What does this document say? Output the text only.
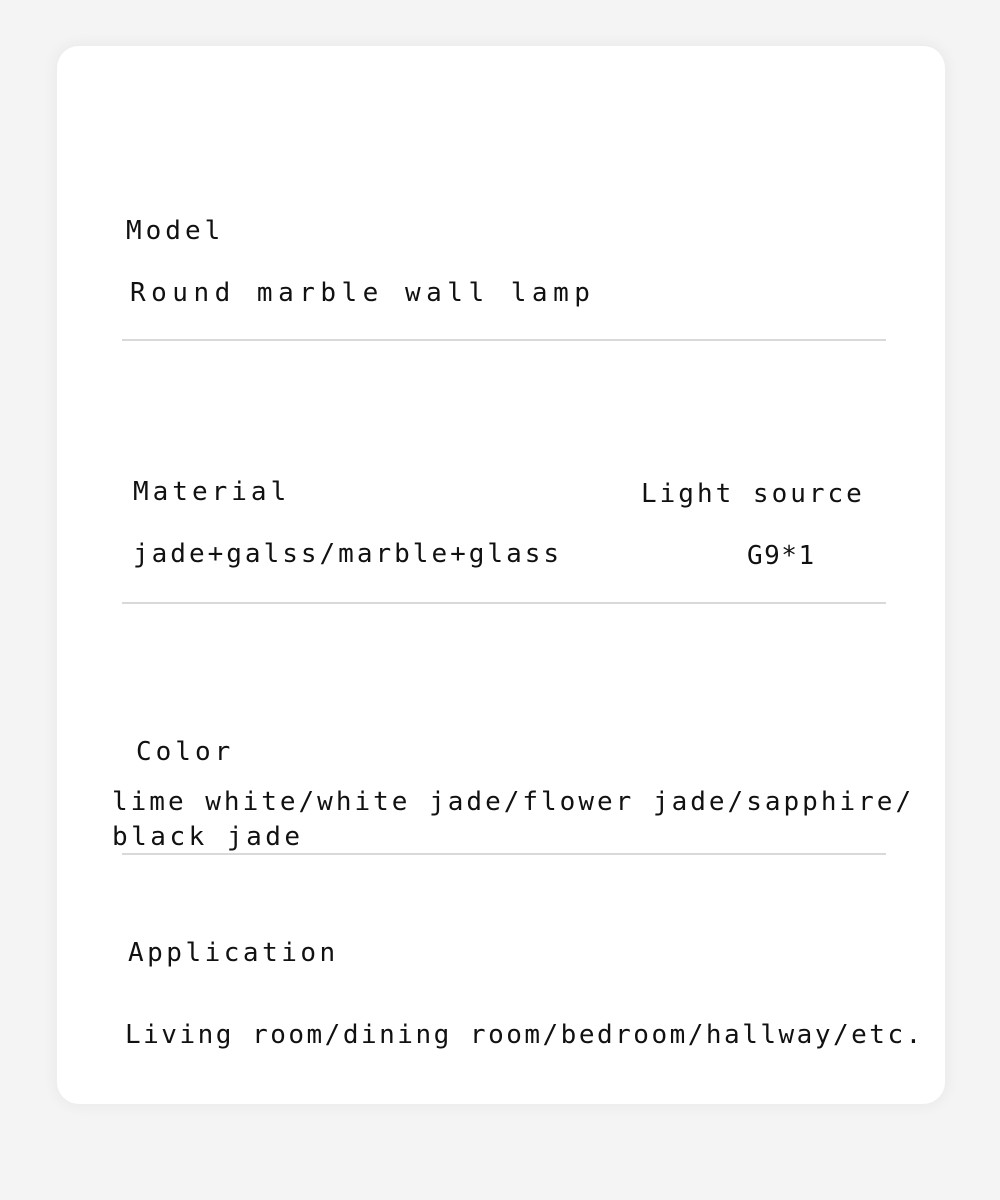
Model
Round marble wall lamp
Material	Light source
jade+galss/marble+glass	G9*1
Color
lime white/white jade/flower jade/sapphire/
black jade
Application
Living room/dining room/bedroom/hallway/etc.
